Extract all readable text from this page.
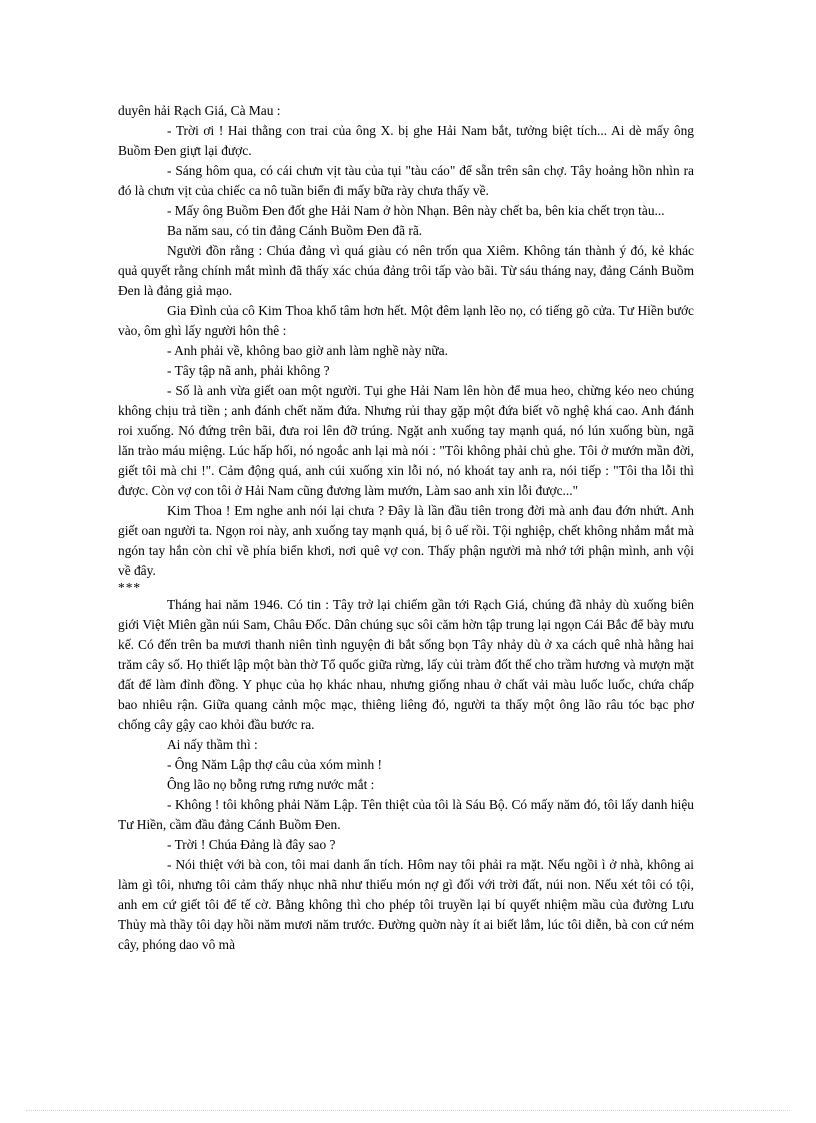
duyên hải Rạch Giá, Cà Mau :

- Trời ơi ! Hai thằng con trai của ông X. bị ghe Hải Nam bắt, tưởng biệt tích... Ai dè mấy ông Buồm Đen giựt lại được.

- Sáng hôm qua, có cái chưn vịt tàu của tụi "tàu cáo" để sẵn trên sân chợ. Tây hoảng hồn nhìn ra đó là chưn vịt của chiếc ca nô tuần biển đi mấy bữa rày chưa thấy về.

- Mấy ông Buồm Đen đốt ghe Hải Nam ở hòn Nhạn. Bên này chết ba, bên kia chết trọn tàu...

Ba năm sau, có tin đảng Cánh Buồm Đen đã rã.

Người đồn rằng : Chúa đảng vì quá giàu có nên trốn qua Xiêm. Không tán thành ý đó, kẻ khác quả quyết rằng chính mắt mình đã thấy xác chúa đảng trôi tấp vào bãi. Từ sáu tháng nay, đảng Cánh Buồm Đen là đảng giả mạo.

Gia Đình của cô Kim Thoa khổ tâm hơn hết. Một đêm lạnh lẽo nọ, có tiếng gõ cửa. Tư Hiền bước vào, ôm ghì lấy người hôn thê :

- Anh phải về, không bao giờ anh làm nghề này nữa.

- Tây tập nã anh, phải không ?

- Số là anh vừa giết oan một người. Tụi ghe Hải Nam lên hòn để mua heo, chừng kéo neo chúng không chịu trả tiền ; anh đánh chết năm đứa. Nhưng rủi thay gặp một đứa biết võ nghệ khá cao. Anh đánh roi xuống. Nó đứng trên bãi, đưa roi lên đỡ trúng. Ngặt anh xuống tay mạnh quá, nó lún xuống bùn, ngã lăn trào máu miệng. Lúc hấp hối, nó ngoắc anh lại mà nói : "Tôi không phải chủ ghe. Tôi ở mướn mần đời, giết tôi mà chi !". Cảm động quá, anh cúi xuống xin lỗi nó, nó khoát tay anh ra, nói tiếp : "Tôi tha lỗi thì được. Còn vợ con tôi ở Hải Nam cũng đương làm mướn, Làm sao anh xin lỗi được..."

Kim Thoa ! Em nghe anh nói lại chưa ? Đây là lần đầu tiên trong đời mà anh đau đớn nhứt. Anh giết oan người ta. Ngọn roi này, anh xuống tay mạnh quá, bị ô uế rồi. Tội nghiệp, chết không nhắm mắt mà ngón tay hắn còn chỉ về phía biển khơi, nơi quê vợ con. Thấy phận người mà nhớ tới phận mình, anh vội về đây.

***

Tháng hai năm 1946. Có tin : Tây trở lại chiếm gần tới Rạch Giá, chúng đã nhảy dù xuống biên giới Việt Miên gần núi Sam, Châu Đốc. Dân chúng sục sôi căm hờn tập trung lại ngọn Cái Bắc để bày mưu kế. Có đến trên ba mươi thanh niên tình nguyện đi bắt sống bọn Tây nhảy dù ở xa cách quê nhà hằng hai trăm cây số. Họ thiết lập một bàn thờ Tổ quốc giữa rừng, lấy củi tràm đốt thế cho trầm hương và mượn mặt đất để làm đỉnh đồng. Y phục của họ khác nhau, nhưng giống nhau ở chất vải màu luốc luốc, chứa chấp bao nhiêu rận. Giữa quang cảnh mộc mạc, thiêng liêng đó, người ta thấy một ông lão râu tóc bạc phơ chống cây gậy cao khỏi đầu bước ra.

Ai nấy thầm thì :

- Ông Năm Lập thợ câu của xóm mình !

Ông lão nọ bỗng rưng rưng nước mắt :

- Không ! tôi không phải Năm Lập. Tên thiệt của tôi là Sáu Bộ. Có mấy năm đó, tôi lấy danh hiệu Tư Hiền, cầm đầu đảng Cánh Buồm Đen.

- Trời ! Chúa Đảng là đây sao ?

- Nói thiệt với bà con, tôi mai danh ẩn tích. Hôm nay tôi phải ra mặt. Nếu ngồi ì ở nhà, không ai làm gì tôi, nhưng tôi cảm thấy nhục nhã như thiếu món nợ gì đối với trời đất, núi non. Nếu xét tôi có tội, anh em cứ giết tôi để tế cờ. Bằng không thì cho phép tôi truyền lại bí quyết nhiệm mầu của đường Lưu Thủy mà thầy tôi dạy hồi năm mươi năm trước. Đường quờn này ít ai biết lắm, lúc tôi diễn, bà con cứ ném cây, phóng dao vô mà
